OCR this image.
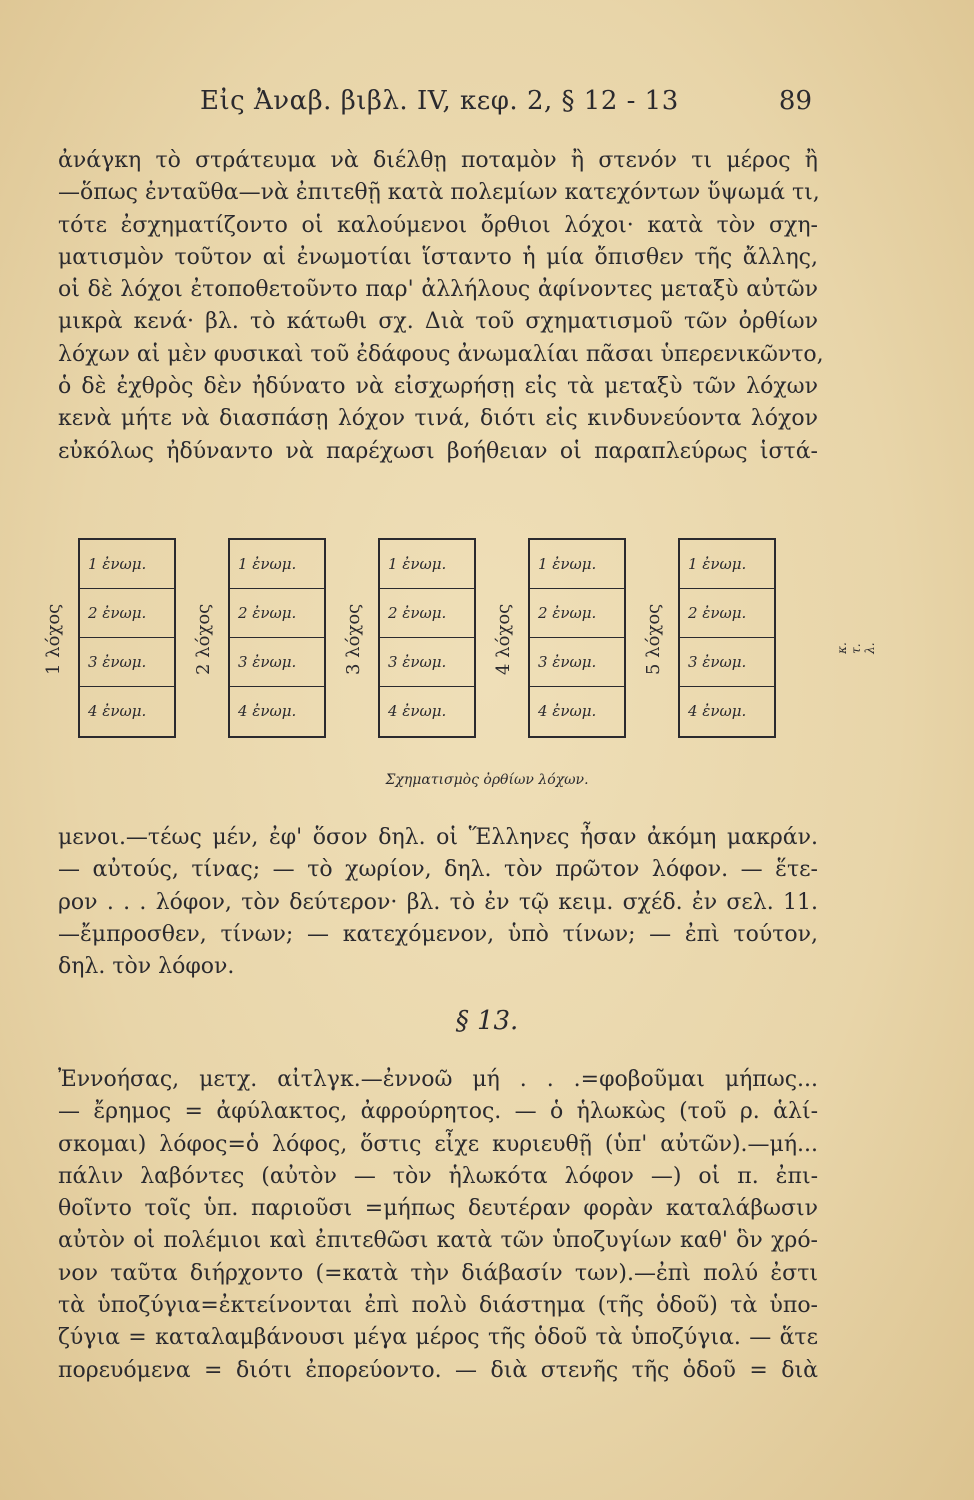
Εἰς Ἀναβ. βιβλ. IV, κεφ. 2, § 12 - 13	89
ἀνάγκη τὸ στράτευμα νὰ διέλθῃ ποταμὸν ἢ στενόν τι μέρος ἢ
—ὅπως ἐνταῦθα—νὰ ἐπιτεθῇ κατὰ πολεμίων κατεχόντων ὕψωμά τι,
τότε ἐσχηματίζοντο οἱ καλούμενοι ὄρθιοι λόχοι· κατὰ τὸν σχη-
ματισμὸν τοῦτον αἱ ἐνωμοτίαι ἵσταντο ἡ μία ὄπισθεν τῆς ἄλλης,
οἱ δὲ λόχοι ἐτοποθετοῦντο παρ' ἀλλήλους ἀφίνοντες μεταξὺ αὐτῶν
μικρὰ κενά· βλ. τὸ κάτωθι σχ. Διὰ τοῦ σχηματισμοῦ τῶν ὀρθίων
λόχων αἱ μὲν φυσικαὶ τοῦ ἐδάφους ἀνωμαλίαι πᾶσαι ὑπερενικῶντο,
ὁ δὲ ἐχθρὸς δὲν ἠδύνατο νὰ εἰσχωρήσῃ εἰς τὰ μεταξὺ τῶν λόχων
κενὰ μήτε νὰ διασπάσῃ λόχον τινά, διότι εἰς κινδυνεύοντα λόχον
εὐκόλως ἠδύναντο νὰ παρέχωσι βοήθειαν οἱ παραπλεύρως ἱστά-
1 λόχος
1 ἐνωμ.
2 ἐνωμ.
3 ἐνωμ.
4 ἐνωμ.
2 λόχος
1 ἐνωμ.
2 ἐνωμ.
3 ἐνωμ.
4 ἐνωμ.
3 λόχος
1 ἐνωμ.
2 ἐνωμ.
3 ἐνωμ.
4 ἐνωμ.
4 λόχος
1 ἐνωμ.
2 ἐνωμ.
3 ἐνωμ.
4 ἐνωμ.
5 λόχος
1 ἐνωμ.
2 ἐνωμ.
3 ἐνωμ.
4 ἐνωμ.
κ. τ. λ.
Σχηματισμὸς ὀρθίων λόχων.
μενοι.—τέως μέν, ἐφ' ὅσον δηλ. οἱ Ἕλληνες ἦσαν ἀκόμη μακράν.
— αὐτούς, τίνας; — τὸ χωρίον, δηλ. τὸν πρῶτον λόφον. — ἕτε-
ρον . . . λόφον, τὸν δεύτερον· βλ. τὸ ἐν τῷ κειμ. σχέδ. ἐν σελ. 11.
—ἔμπροσθεν, τίνων; — κατεχόμενον, ὑπὸ τίνων; — ἐπὶ τούτον,
δηλ. τὸν λόφον.
§ 13.
Ἐννοήσας, μετχ. αἰτλγκ.—ἐννοῶ μή . . .=φοβοῦμαι μήπως...
— ἔρημος = ἀφύλακτος, ἀφρούρητος. — ὁ ἡλωκὼς (τοῦ ρ. ἁλί-
σκομαι) λόφος=ὁ λόφος, ὅστις εἶχε κυριευθῇ (ὑπ' αὐτῶν).—μή...
πάλιν λαβόντες (αὐτὸν — τὸν ἡλωκότα λόφον —) οἱ π. ἐπι-
θοῖντο τοῖς ὑπ. παριοῦσι =μήπως δευτέραν φορὰν καταλάβωσιν
αὐτὸν οἱ πολέμιοι καὶ ἐπιτεθῶσι κατὰ τῶν ὑποζυγίων καθ' ὃν χρό-
νον ταῦτα διήρχοντο (=κατὰ τὴν διάβασίν των).—ἐπὶ πολύ ἐστι
τὰ ὑποζύγια=ἐκτείνονται ἐπὶ πολὺ διάστημα (τῆς ὁδοῦ) τὰ ὑπο-
ζύγια = καταλαμβάνουσι μέγα μέρος τῆς ὁδοῦ τὰ ὑποζύγια. — ἅτε
πορευόμενα = διότι ἐπορεύοντο. — διὰ στενῆς τῆς ὁδοῦ = διὰ
